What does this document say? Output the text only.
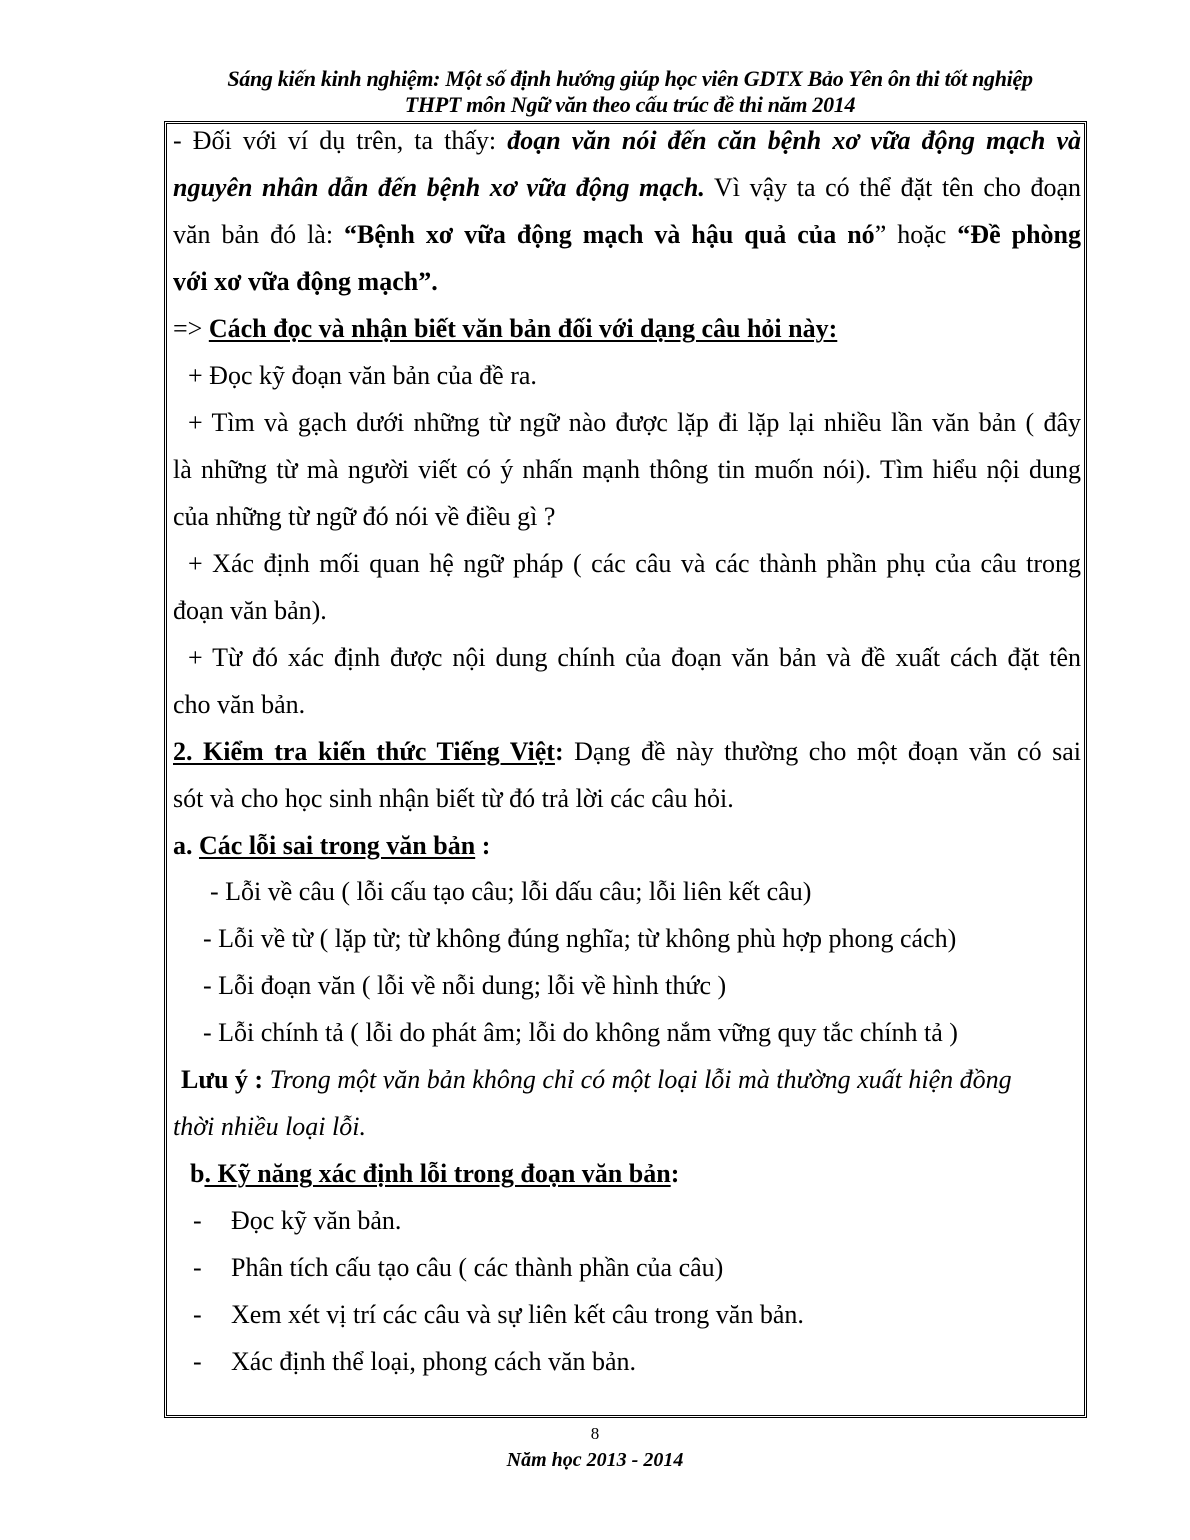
Sáng kiến kinh nghiệm: Một số định hướng giúp học viên GDTX Bảo Yên ôn thi tốt nghiệp
THPT môn Ngữ văn theo cấu trúc đề thi năm 2014
- Đối với ví dụ trên, ta thấy: đoạn văn nói đến căn bệnh xơ vữa động mạch và
nguyên nhân dẫn đến bệnh xơ vữa động mạch. Vì vậy ta có thể đặt tên cho đoạn
văn bản đó là: “Bệnh xơ vữa động mạch và hậu quả của nó” hoặc “Đề phòng
với xơ vữa động mạch”.
=> Cách đọc và nhận biết văn bản đối với dạng câu hỏi này:
+ Đọc kỹ đoạn văn bản của đề ra.
+ Tìm và gạch dưới những từ ngữ nào được lặp đi lặp lại nhiều lần văn bản ( đây
là những từ mà người viết có ý nhấn mạnh thông tin muốn nói). Tìm hiểu nội dung
của những từ ngữ đó nói về điều gì ?
+ Xác định mối quan hệ ngữ pháp ( các câu và các thành phần phụ của câu trong
đoạn văn bản).
+ Từ đó xác định được nội dung chính của đoạn văn bản và đề xuất cách đặt tên
cho văn bản.
2. Kiểm tra kiến thức Tiếng Việt: Dạng đề này thường cho một đoạn văn có sai
sót và cho học sinh nhận biết từ đó trả lời các câu hỏi.
a. Các lỗi sai trong văn bản :
- Lỗi về câu ( lỗi cấu tạo câu; lỗi dấu câu; lỗi liên kết câu)
- Lỗi về từ ( lặp từ; từ không đúng nghĩa; từ không phù hợp phong cách)
- Lỗi đoạn văn ( lỗi về nỗi dung; lỗi về hình thức )
- Lỗi chính tả ( lỗi do phát âm; lỗi do không nắm vững quy tắc chính tả )
Lưu ý : Trong một văn bản không chỉ có một loại lỗi mà thường xuất hiện đồng
thời nhiều loại lỗi.
b. Kỹ năng xác định lỗi trong đoạn văn bản:
- Đọc kỹ văn bản.
- Phân tích cấu tạo câu ( các thành phần của câu)
- Xem xét vị trí các câu và sự liên kết câu trong văn bản.
- Xác định thể loại, phong cách văn bản.
8
Năm học 2013 - 2014
